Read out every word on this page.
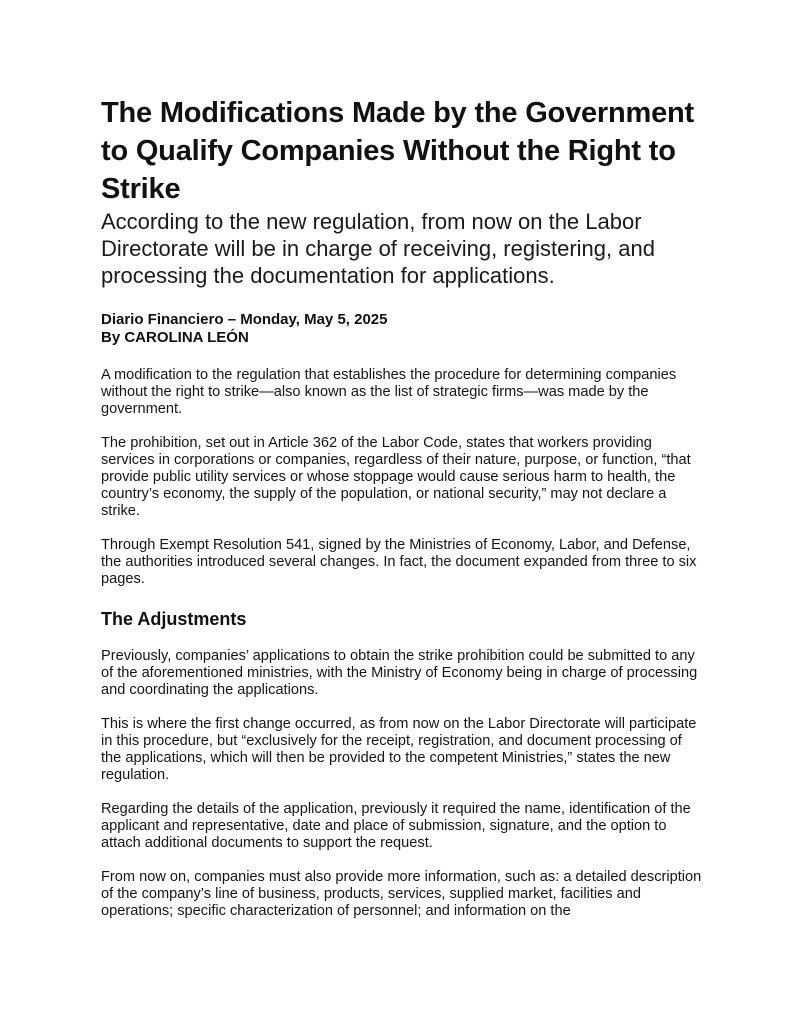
The Modifications Made by the Government to Qualify Companies Without the Right to Strike
According to the new regulation, from now on the Labor Directorate will be in charge of receiving, registering, and processing the documentation for applications.

Diario Financiero – Monday, May 5, 2025

By CAROLINA LEÓN

A modification to the regulation that establishes the procedure for determining companies without the right to strike—also known as the list of strategic firms—was made by the government.

The prohibition, set out in Article 362 of the Labor Code, states that workers providing services in corporations or companies, regardless of their nature, purpose, or function, “that provide public utility services or whose stoppage would cause serious harm to health, the country’s economy, the supply of the population, or national security,” may not declare a strike.

Through Exempt Resolution 541, signed by the Ministries of Economy, Labor, and Defense, the authorities introduced several changes. In fact, the document expanded from three to six pages.

The Adjustments

Previously, companies’ applications to obtain the strike prohibition could be submitted to any of the aforementioned ministries, with the Ministry of Economy being in charge of processing and coordinating the applications.

This is where the first change occurred, as from now on the Labor Directorate will participate in this procedure, but “exclusively for the receipt, registration, and document processing of the applications, which will then be provided to the competent Ministries,” states the new regulation.

Regarding the details of the application, previously it required the name, identification of the applicant and representative, date and place of submission, signature, and the option to attach additional documents to support the request.

From now on, companies must also provide more information, such as: a detailed description of the company’s line of business, products, services, supplied market, facilities and operations; specific characterization of personnel; and information on the
